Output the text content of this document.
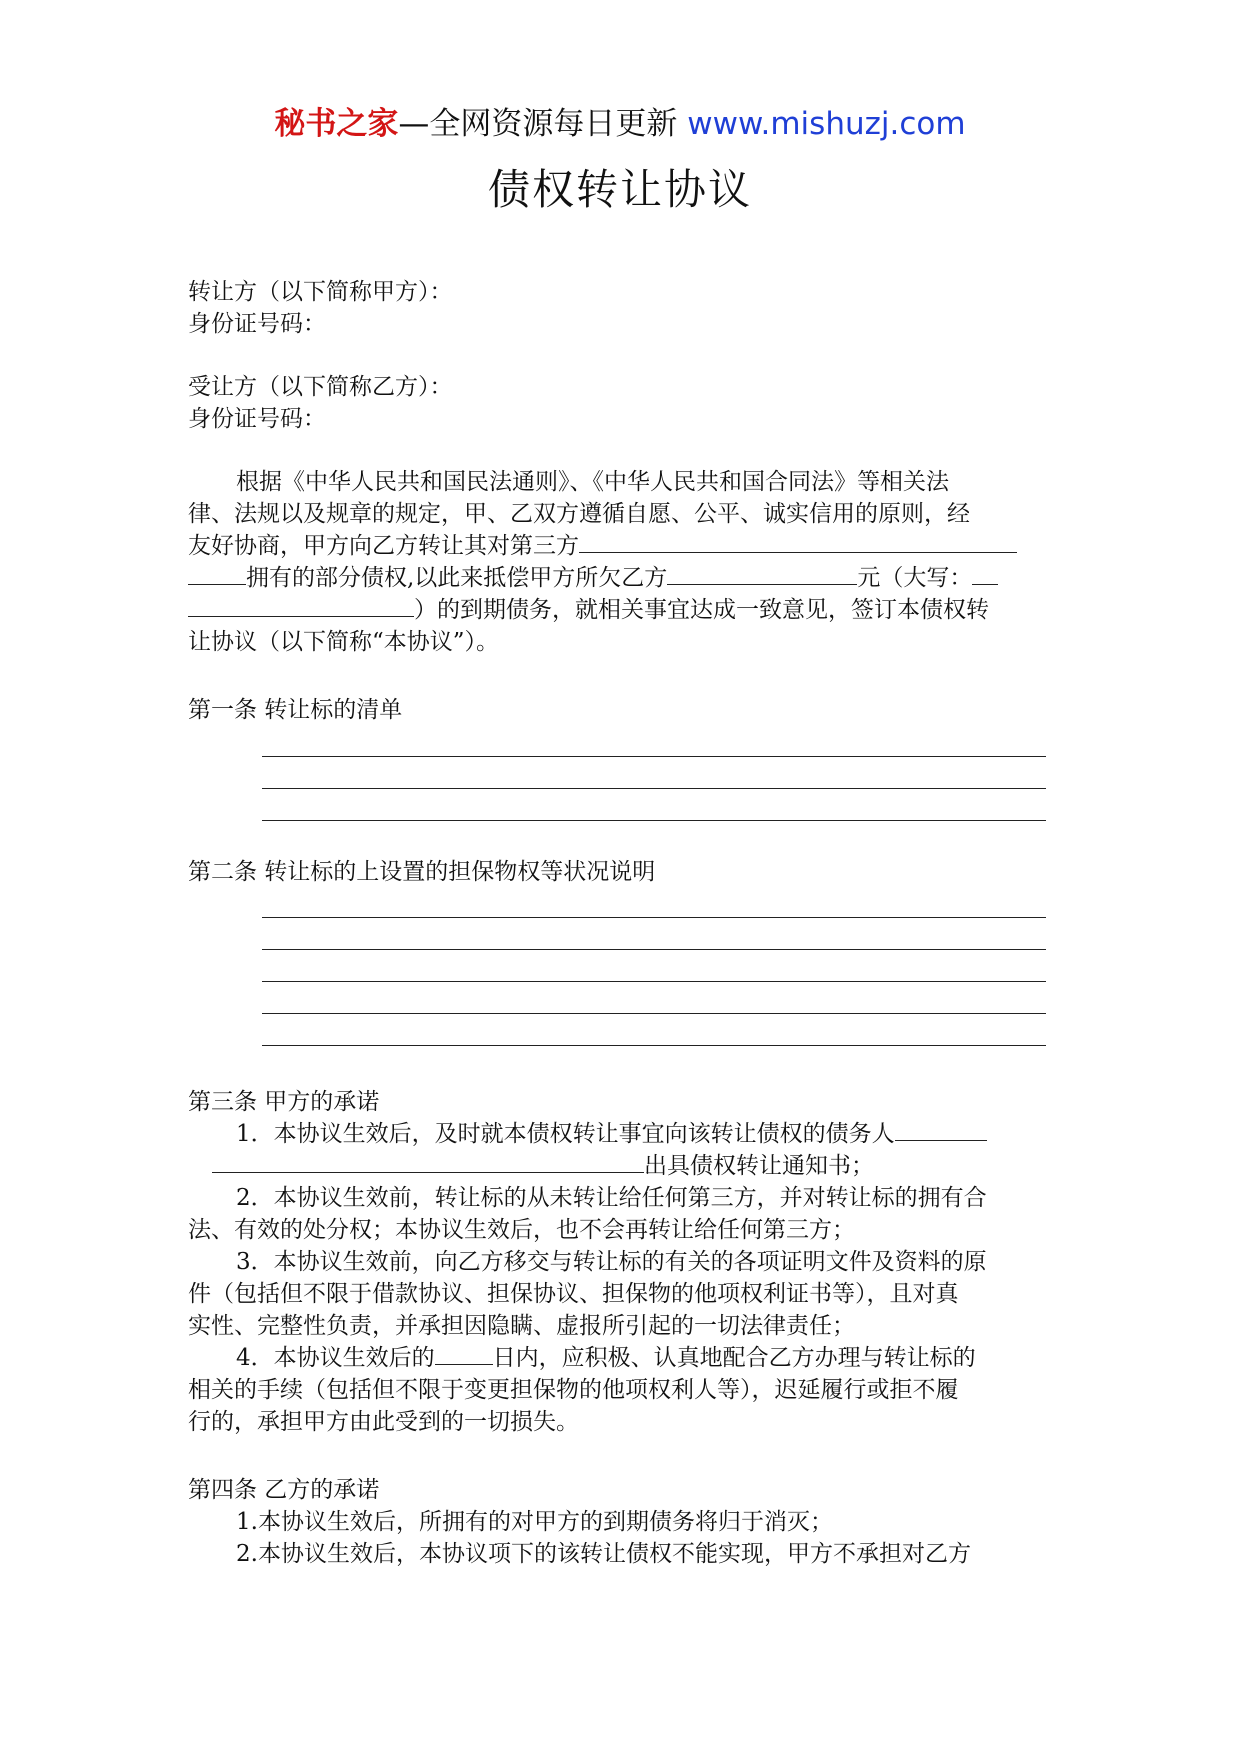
秘书之家—全网资源每日更新 www.mishuzj.com
债权转让协议
转让方（以下简称甲方）：
身份证号码：
受让方（以下简称乙方）：
身份证号码：
根据《中华人民共和国民法通则》、《中华人民共和国合同法》等相关法
律、法规以及规章的规定，甲、乙双方遵循自愿、公平、诚实信用的原则，经
友好协商，甲方向乙方转让其对第三方
拥有的部分债权,以此来抵偿甲方所欠乙方	元（大写：
）的到期债务，就相关事宜达成一致意见，签订本债权转
让协议（以下简称“本协议”）。
第一条 转让标的清单
第二条 转让标的上设置的担保物权等状况说明
第三条 甲方的承诺
1．本协议生效后，及时就本债权转让事宜向该转让债权的债务人
出具债权转让通知书；
2．本协议生效前，转让标的从未转让给任何第三方，并对转让标的拥有合
法、有效的处分权；本协议生效后，也不会再转让给任何第三方；
3．本协议生效前，向乙方移交与转让标的有关的各项证明文件及资料的原
件（包括但不限于借款协议、担保协议、担保物的他项权利证书等），且对真
实性、完整性负责，并承担因隐瞒、虚报所引起的一切法律责任；
4．本协议生效后的	日内，应积极、认真地配合乙方办理与转让标的
相关的手续（包括但不限于变更担保物的他项权利人等），迟延履行或拒不履
行的，承担甲方由此受到的一切损失。
第四条 乙方的承诺
1.本协议生效后，所拥有的对甲方的到期债务将归于消灭；
2.本协议生效后，本协议项下的该转让债权不能实现，甲方不承担对乙方
